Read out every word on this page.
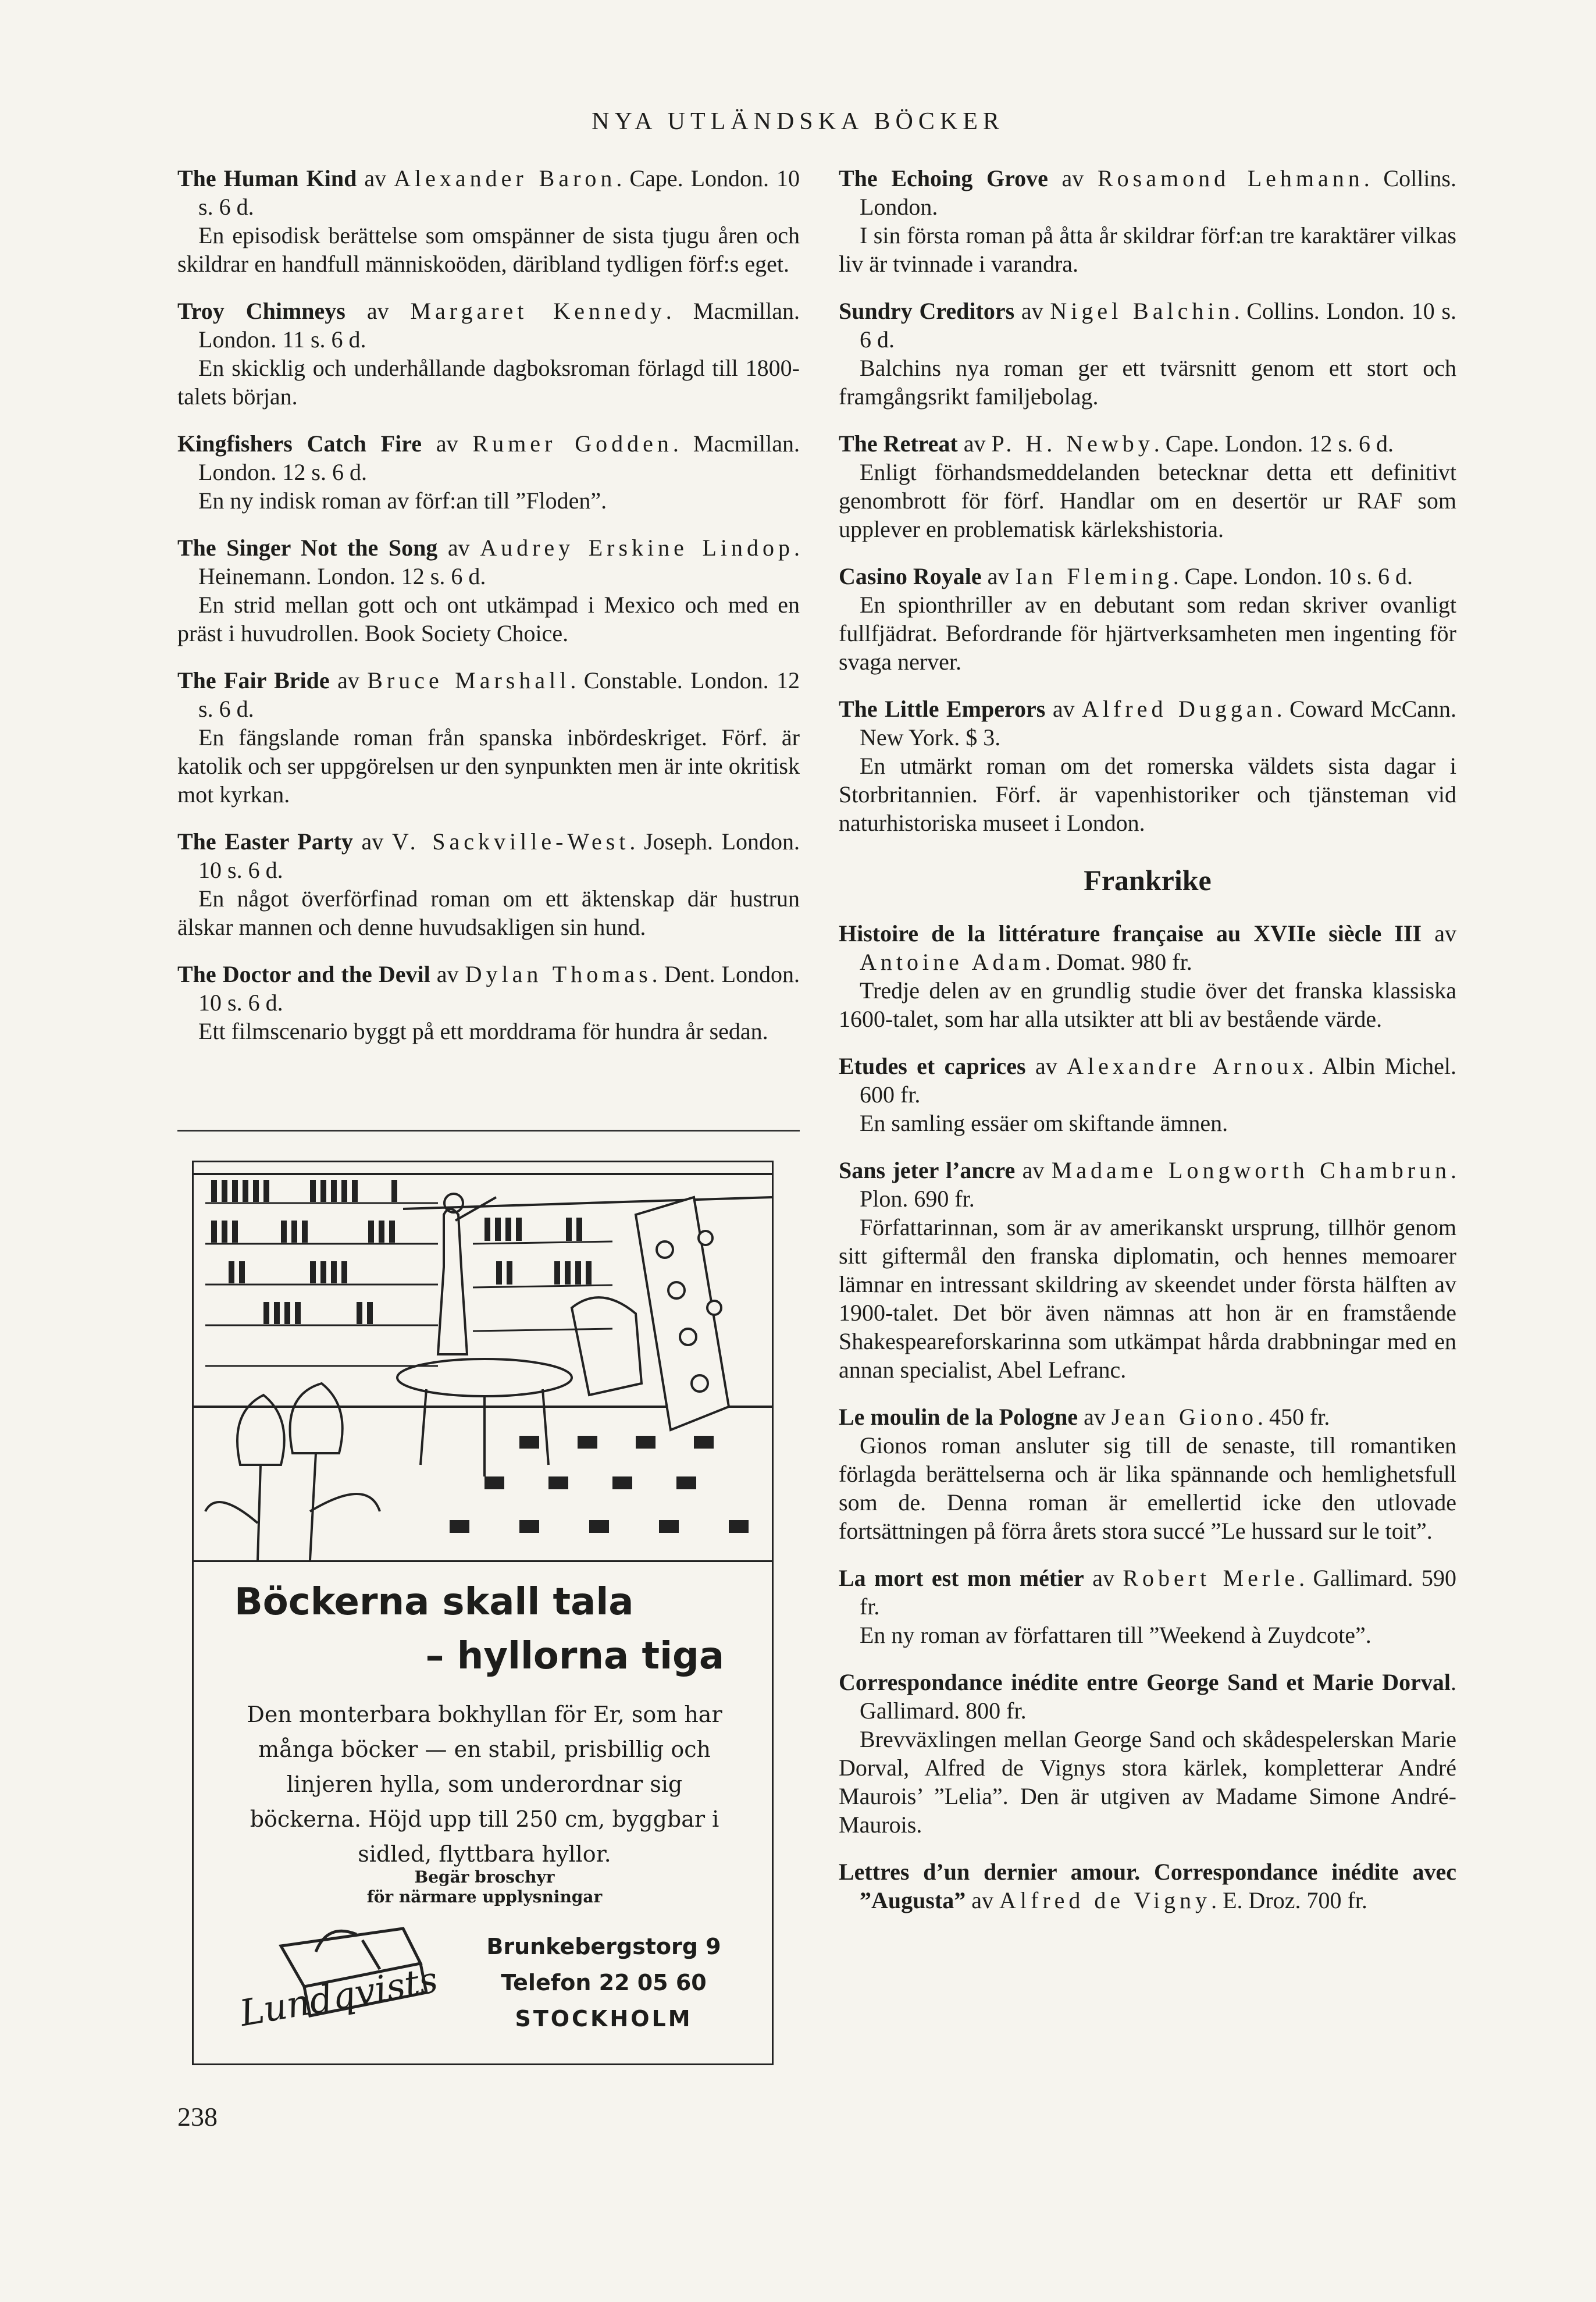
NYA UTLÄNDSKA BÖCKER
The Human Kind av Alexander Baron. Cape. London. 10 s. 6 d.
En episodisk berättelse som omspänner de sista tjugu åren och skildrar en handfull människoöden, däribland tydligen förf:s eget.
Troy Chimneys av Margaret Kennedy. Macmillan. London. 11 s. 6 d.
En skicklig och underhållande dagboksroman förlagd till 1800-talets början.
Kingfishers Catch Fire av Rumer Godden. Macmillan. London. 12 s. 6 d.
En ny indisk roman av förf:an till ”Floden”.
The Singer Not the Song av Audrey Erskine Lindop. Heinemann. London. 12 s. 6 d.
En strid mellan gott och ont utkämpad i Mexico och med en präst i huvudrollen. Book Society Choice.
The Fair Bride av Bruce Marshall. Constable. London. 12 s. 6 d.
En fängslande roman från spanska inbördeskriget. Förf. är katolik och ser uppgörelsen ur den synpunkten men är inte okritisk mot kyrkan.
The Easter Party av V. Sackville-West. Joseph. London. 10 s. 6 d.
En något överförfinad roman om ett äktenskap där hustrun älskar mannen och denne huvudsakligen sin hund.
The Doctor and the Devil av Dylan Thomas. Dent. London. 10 s. 6 d.
Ett filmscenario byggt på ett morddrama för hundra år sedan.
Böckerna skall tala
– hyllorna tiga
Den monterbara bokhyllan för Er, som har många böcker — en stabil, prisbillig och linjeren hylla, som underordnar sig böckerna. Höjd upp till 250 cm, byggbar i sidled, flyttbara hyllor.
Begär broschyr
för närmare upplysningar
Lundqvists
Brunkebergstorg 9
Telefon 22 05 60
STOCKHOLM
The Echoing Grove av Rosamond Lehmann. Collins. London.
I sin första roman på åtta år skildrar förf:an tre karaktärer vilkas liv är tvinnade i varandra.
Sundry Creditors av Nigel Balchin. Collins. London. 10 s. 6 d.
Balchins nya roman ger ett tvärsnitt genom ett stort och framgångsrikt familjebolag.
The Retreat av P. H. Newby. Cape. London. 12 s. 6 d.
Enligt förhandsmeddelanden betecknar detta ett definitivt genombrott för förf. Handlar om en desertör ur RAF som upplever en problematisk kärlekshistoria.
Casino Royale av Ian Fleming. Cape. London. 10 s. 6 d.
En spionthriller av en debutant som redan skriver ovanligt fullfjädrat. Befordrande för hjärtverksamheten men ingenting för svaga nerver.
The Little Emperors av Alfred Duggan. Coward McCann. New York. $ 3.
En utmärkt roman om det romerska väldets sista dagar i Storbritannien. Förf. är vapenhistoriker och tjänsteman vid naturhistoriska museet i London.
Frankrike
Histoire de la littérature française au XVIIe siècle III av Antoine Adam. Domat. 980 fr.
Tredje delen av en grundlig studie över det franska klassiska 1600-talet, som har alla utsikter att bli av bestående värde.
Etudes et caprices av Alexandre Arnoux. Albin Michel. 600 fr.
En samling essäer om skiftande ämnen.
Sans jeter l’ancre av Madame Longworth Chambrun. Plon. 690 fr.
Författarinnan, som är av amerikanskt ursprung, tillhör genom sitt giftermål den franska diplomatin, och hennes memoarer lämnar en intressant skildring av skeendet under första hälften av 1900-talet. Det bör även nämnas att hon är en framstående Shakespeareforskarinna som utkämpat hårda drabbningar med en annan specialist, Abel Lefranc.
Le moulin de la Pologne av Jean Giono. 450 fr.
Gionos roman ansluter sig till de senaste, till romantiken förlagda berättelserna och är lika spännande och hemlighetsfull som de. Denna roman är emellertid icke den utlovade fortsättningen på förra årets stora succé ”Le hussard sur le toit”.
La mort est mon métier av Robert Merle. Gallimard. 590 fr.
En ny roman av författaren till ”Weekend à Zuydcote”.
Correspondance inédite entre George Sand et Marie Dorval. Gallimard. 800 fr.
Brevväxlingen mellan George Sand och skådespelerskan Marie Dorval, Alfred de Vignys stora kärlek, kompletterar André Maurois’ ”Lelia”. Den är utgiven av Madame Simone André-Maurois.
Lettres d’un dernier amour. Correspondance inédite avec ”Augusta” av Alfred de Vigny. E. Droz. 700 fr.
238
